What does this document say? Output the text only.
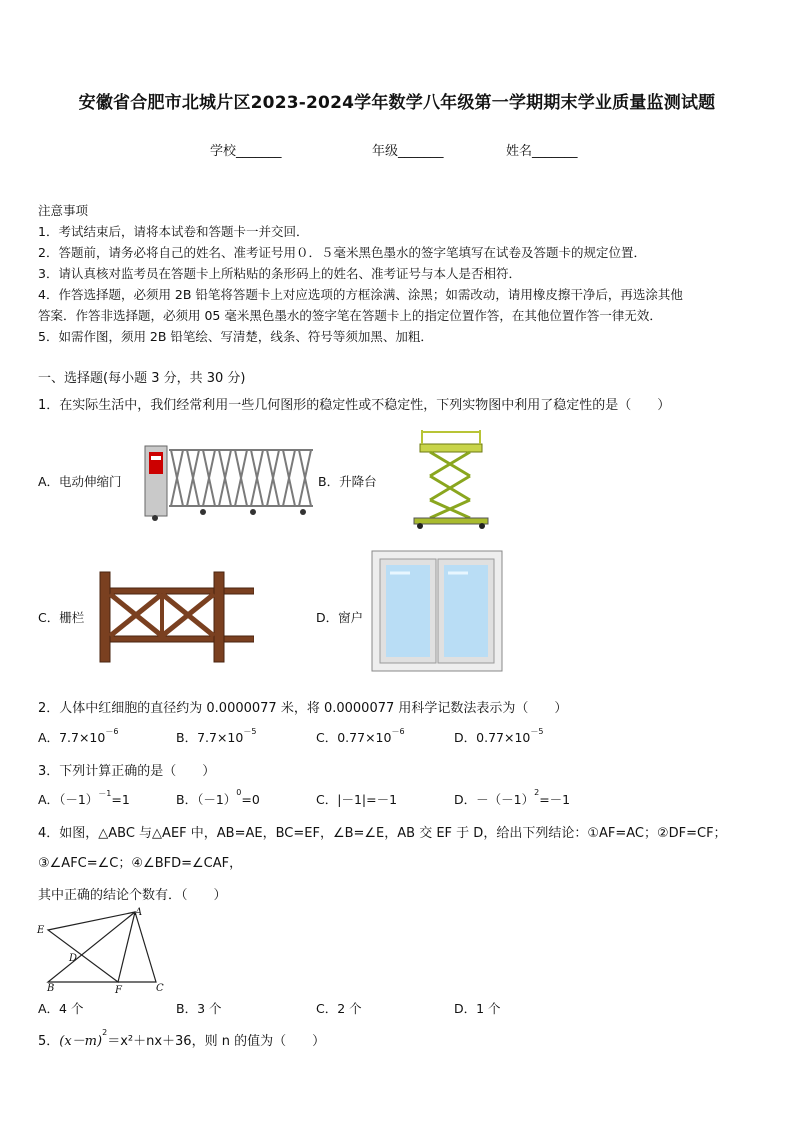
安徽省合肥市北城片区2023-2024学年数学八年级第一学期期末学业质量监测试题
学校_______	年级_______	姓名_______
注意事项
1．考试结束后，请将本试卷和答题卡一并交回．
2．答题前，请务必将自己的姓名、准考证号用０．５毫米黑色墨水的签字笔填写在试卷及答题卡的规定位置．
3．请认真核对监考员在答题卡上所粘贴的条形码上的姓名、准考证号与本人是否相符．
4．作答选择题，必须用 2B 铅笔将答题卡上对应选项的方框涂满、涂黑；如需改动，请用橡皮擦干净后，再选涂其他
答案．作答非选择题，必须用 05 毫米黑色墨水的签字笔在答题卡上的指定位置作答，在其他位置作答一律无效．
5．如需作图，须用 2B 铅笔绘、写清楚，线条、符号等须加黑、加粗．
一、选择题(每小题 3 分，共 30 分)
1．在实际生活中，我们经常利用一些几何图形的稳定性或不稳定性，下列实物图中利用了稳定性的是（　　）
A．电动伸缩门	B．升降台
C．栅栏	D．窗户
2．人体中红细胞的直径约为 0.0000077 米，将 0.0000077 用科学记数法表示为（　　）
A．$7.7\times 10^{-6}$	B．$7.7\times 10^{-5}$	C．$0.77\times 10^{-6}$	D．$0.77\times 10^{-5}$
3．下列计算正确的是（　　）
A．$(-1)^{-1}=1$	B．$(-1)^0=0$	C．|－1|=－1	D．$-(-1)^2=-1$
4．如图，△ABC 与△AEF 中，AB=AE，BC=EF，∠B=∠E，AB 交 EF 于 D，给出下列结论：①AF=AC；②DF=CF；
③∠AFC=∠C；④∠BFD=∠CAF，
其中正确的结论个数有．（　　）
A
E
D
B	F	C
A．4 个	B．3 个	C．2 个	D．1 个
5．$(x-m)^2=x^2+nx+36$，则 n 的值为（　　）
